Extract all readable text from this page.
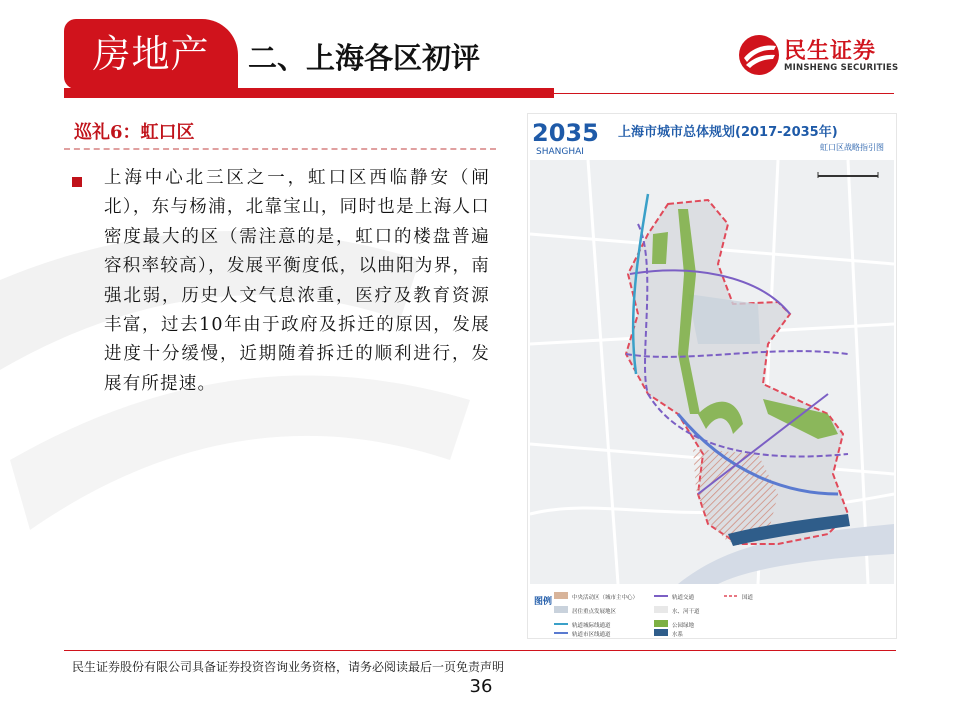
房地产	二、上海各区初评	民生证券
MINSHENG SECURITIES
巡礼6：虹口区
上海中心北三区之一，虹口区西临静安（闸北），东与杨浦，北靠宝山，同时也是上海人口密度最大的区（需注意的是，虹口的楼盘普遍容积率较高），发展平衡度低，以曲阳为界，南强北弱，历史人文气息浓重，医疗及教育资源丰富，过去10年由于政府及拆迁的原因，发展进度十分缓慢，近期随着拆迁的顺利进行，发展有所提速。
2035
SHANGHAI
上海市城市总体规划(2017-2035年)
虹口区战略指引图
图例	中央活动区（城市主中心）	轨道交通	国道
居住重点发展地区	水、河干道
轨道城际线通道	公园绿地
轨道市区线通道	水系
民生证券股份有限公司具备证券投资咨询业务资格，请务必阅读最后一页免责声明
36
